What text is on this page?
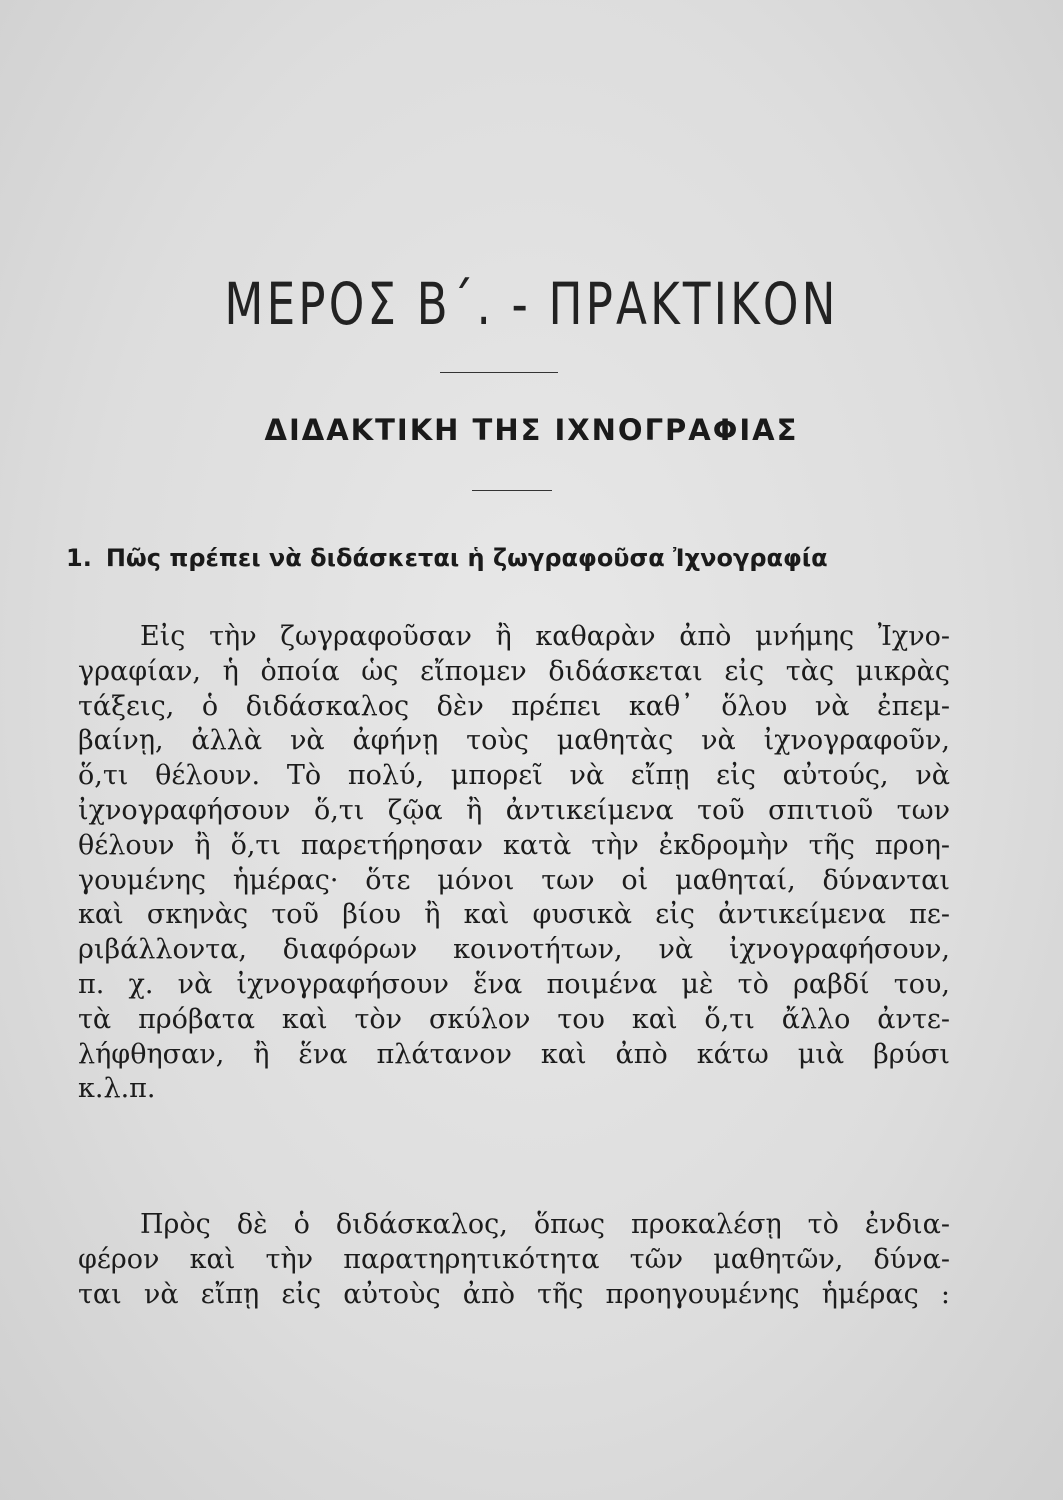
ΜΕΡΟΣ Β΄. - ΠΡΑΚΤΙΚΟΝ
ΔΙΔΑΚΤΙΚΗ ΤΗΣ ΙΧΝΟΓΡΑΦΙΑΣ
1. Πῶς πρέπει νὰ διδάσκεται ἡ ζωγραφοῦσα Ἰχνογραφία
Εἰς τὴν ζωγραφοῦσαν ἢ καθαρὰν ἀπὸ μνήμης Ἰχνο-
γραφίαν, ἡ ὁποία ὡς εἴπομεν διδάσκεται εἰς τὰς μικρὰς
τάξεις, ὁ διδάσκαλος δὲν πρέπει καθ᾿ ὅλου νὰ ἐπεμ-
βαίνῃ, ἀλλὰ νὰ ἀφήνῃ τοὺς μαθητὰς νὰ ἰχνογραφοῦν,
ὅ,τι θέλουν. Τὸ πολύ, μπορεῖ νὰ εἴπῃ εἰς αὐτούς, νὰ
ἰχνογραφήσουν ὅ,τι ζῷα ἢ ἀντικείμενα τοῦ σπιτιοῦ των
θέλουν ἢ ὅ,τι παρετήρησαν κατὰ τὴν ἐκδρομὴν τῆς προη-
γουμένης ἡμέρας· ὅτε μόνοι των οἱ μαθηταί, δύνανται
καὶ σκηνὰς τοῦ βίου ἢ καὶ φυσικὰ εἰς ἀντικείμενα πε-
ριβάλλοντα, διαφόρων κοινοτήτων, νὰ ἰχνογραφήσουν,
π. χ. νὰ ἰχνογραφήσουν ἕνα ποιμένα μὲ τὸ ραβδί του,
τὰ πρόβατα καὶ τὸν σκύλον του καὶ ὅ,τι ἄλλο ἀντε-
λήφθησαν, ἢ ἕνα πλάτανον καὶ ἀπὸ κάτω μιὰ βρύσι
κ.λ.π.
Πρὸς δὲ ὁ διδάσκαλος, ὅπως προκαλέσῃ τὸ ἐνδια-
φέρον καὶ τὴν παρατηρητικότητα τῶν μαθητῶν, δύνα-
ται νὰ εἴπῃ εἰς αὐτοὺς ἀπὸ τῆς προηγουμένης ἡμέρας :
